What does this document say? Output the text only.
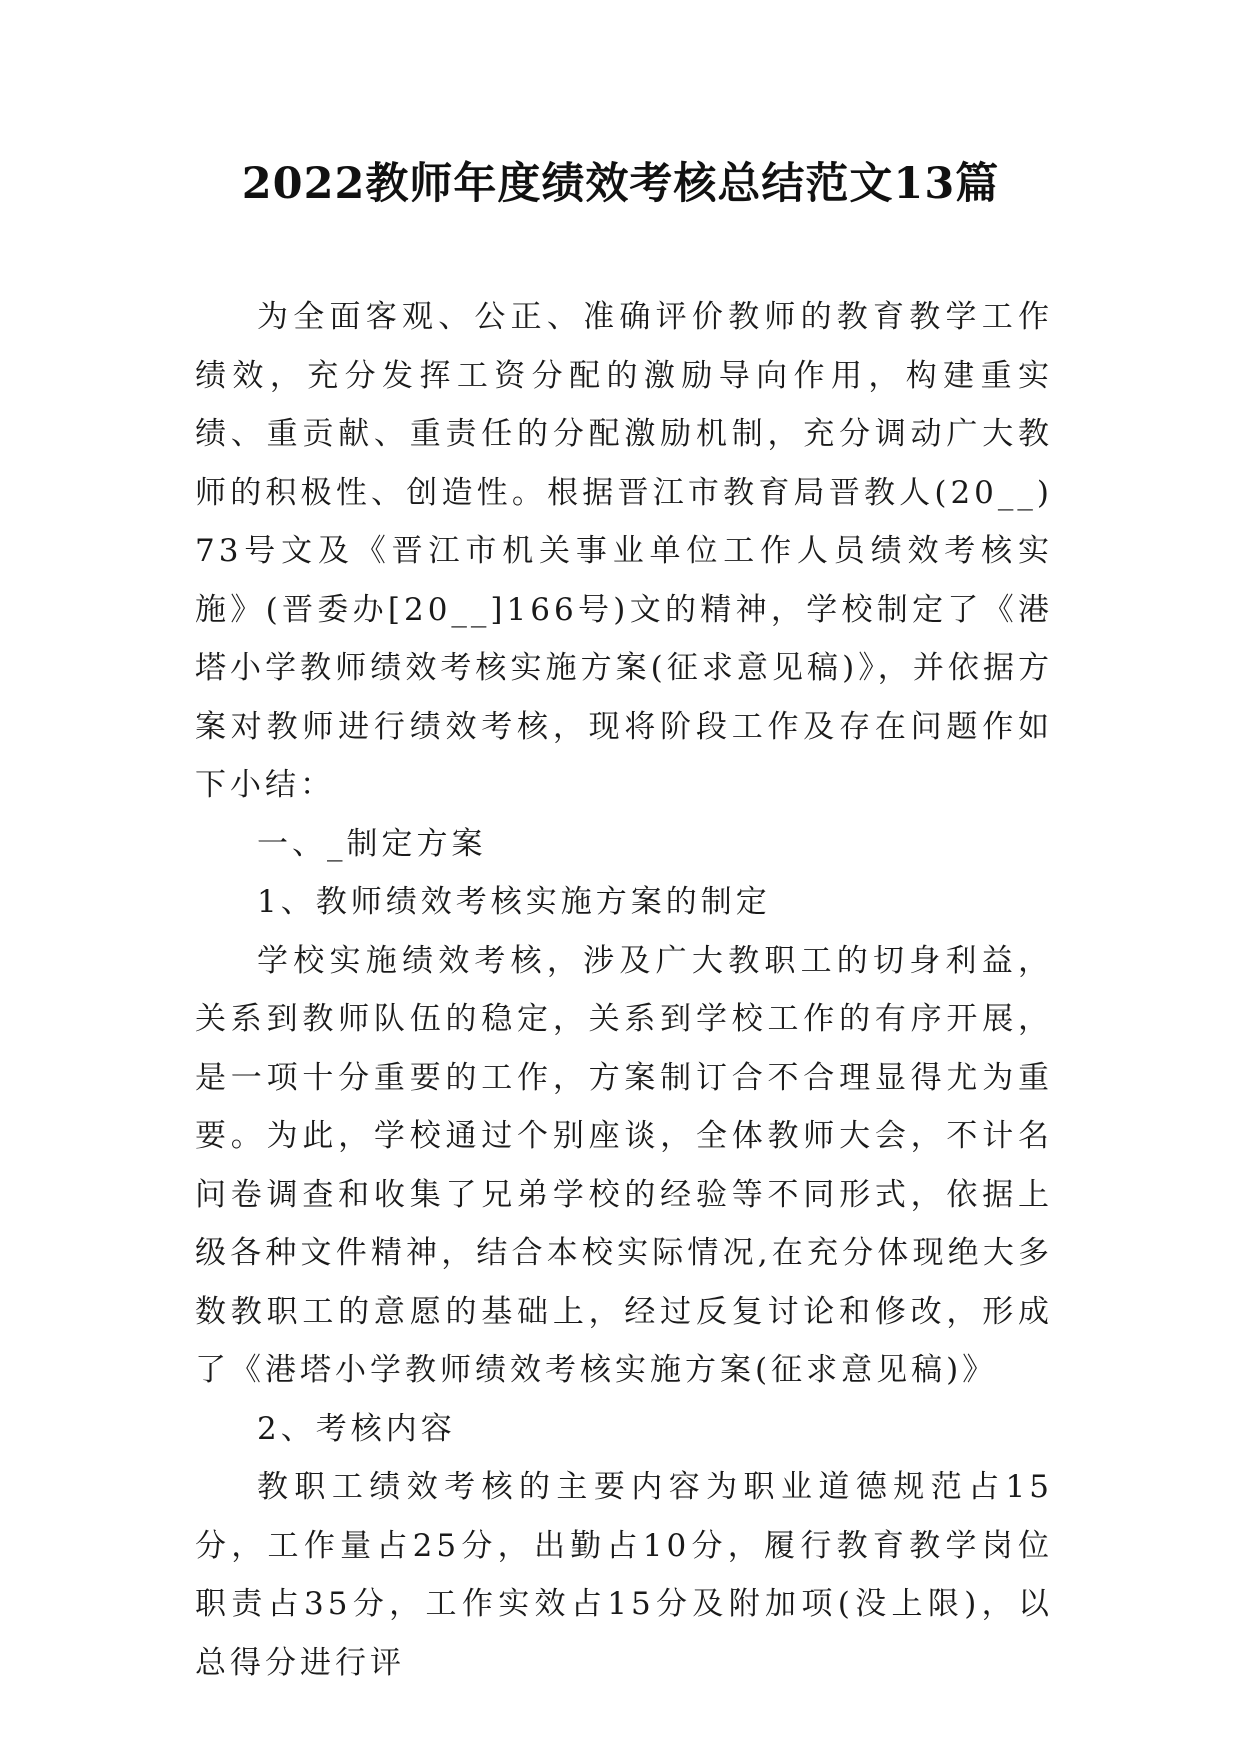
2022教师年度绩效考核总结范文13篇

为全面客观、公正、准确评价教师的教育教学工作绩效，充分发挥工资分配的激励导向作用，构建重实绩、重贡献、重责任的分配激励机制，充分调动广大教师的积极性、创造性。根据晋江市教育局晋教人(20__)73号文及《晋江市机关事业单位工作人员绩效考核实施》(晋委办[20__]166号)文的精神，学校制定了《港塔小学教师绩效考核实施方案(征求意见稿)》，并依据方案对教师进行绩效考核，现将阶段工作及存在问题作如下小结：

一、_制定方案

1、教师绩效考核实施方案的制定

学校实施绩效考核，涉及广大教职工的切身利益，关系到教师队伍的稳定，关系到学校工作的有序开展，是一项十分重要的工作，方案制订合不合理显得尤为重要。为此，学校通过个别座谈，全体教师大会，不计名问卷调查和收集了兄弟学校的经验等不同形式，依据上级各种文件精神，结合本校实际情况,在充分体现绝大多数教职工的意愿的基础上，经过反复讨论和修改，形成了《港塔小学教师绩效考核实施方案(征求意见稿)》

2、考核内容

教职工绩效考核的主要内容为职业道德规范占15分，工作量占25分，出勤占10分，履行教育教学岗位职责占35分，工作实效占15分及附加项(没上限)，以总得分进行评
